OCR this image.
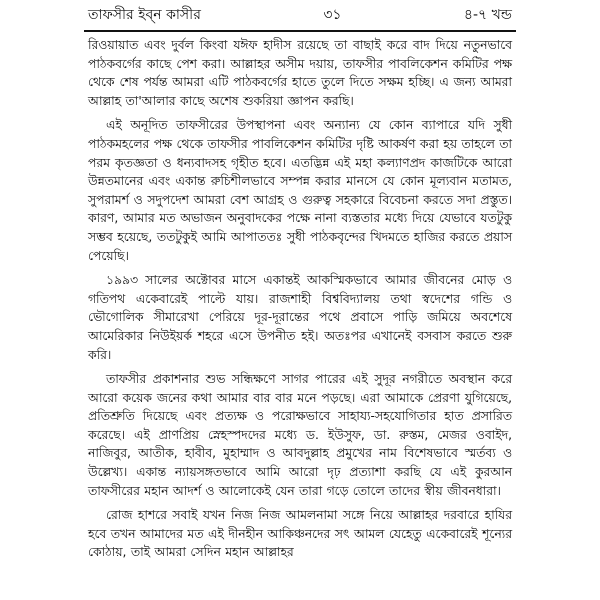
তাফসীর ইব্‌ন কাসীর	৩১	৪-৭ খন্ড

রিওয়ায়াত এবং দুর্বল কিংবা যঈফ হাদীস রয়েছে তা বাছাই করে বাদ দিয়ে নতুনভাবে পাঠকবর্গের কাছে পেশ করা। আল্লাহর অসীম দয়ায়, তাফসীর পাবলিকেশন কমিটির পক্ষ থেকে শেষ পর্যন্ত আমরা এটি পাঠকবর্গের হাতে তুলে দিতে সক্ষম হচ্ছি। এ জন্য আমরা আল্লাহ তা'আলার কাছে অশেষ শুকরিয়া জ্ঞাপন করছি।

এই অনূদিত তাফসীরের উপস্থাপনা এবং অন্যান্য যে কোন ব্যাপারে যদি সুধী পাঠকমহলের পক্ষ থেকে তাফসীর পাবলিকেশন কমিটির দৃষ্টি আকর্ষণ করা হয় তাহলে তা পরম কৃতজ্ঞতা ও ধন্যবাদসহ গৃহীত হবে। এতদ্ভিন্ন এই মহা কল্যাণপ্রদ কাজটিকে আরো উন্নতমানের এবং একান্ত রুচিশীলভাবে সম্পন্ন করার মানসে যে কোন মূল্যবান মতামত, সুপরামর্শ ও সদুপদেশ আমরা বেশ আগ্রহ ও গুরুত্ব সহকারে বিবেচনা করতে সদা প্রস্তুত। কারণ, আমার মত অভাজন অনুবাদকের পক্ষে নানা ব্যস্ততার মধ্যে দিয়ে যেভাবে যতটুকু সম্ভব হয়েছে, ততটুকুই আমি আপাততঃ সুধী পাঠকবৃন্দের খিদমতে হাজির করতে প্রয়াস পেয়েছি।

১৯৯৩ সালের অক্টোবর মাসে একান্তই আকস্মিকভাবে আমার জীবনের মোড় ও গতিপথ একেবারেই পাল্টে যায়। রাজশাহী বিশ্ববিদ্যালয় তথা স্বদেশের গন্ডি ও ভৌগোলিক সীমারেখা পেরিয়ে দূর-দূরান্তের পথে প্রবাসে পাড়ি জমিয়ে অবশেষে আমেরিকার নিউইয়র্ক শহরে এসে উপনীত হই। অতঃপর এখানেই বসবাস করতে শুরু করি।

তাফসীর প্রকাশনার শুভ সন্ধিক্ষণে সাগর পারের এই সুদূর নগরীতে অবস্থান করে আরো কয়েক জনের কথা আমার বার বার মনে পড়ছে। এরা আমাকে প্রেরণা যুগিয়েছে, প্রতিশ্রুতি দিয়েছে এবং প্রত্যক্ষ ও পরোক্ষভাবে সাহায্য-সহযোগিতার হাত প্রসারিত করেছে। এই প্রাণপ্রিয় স্নেহস্পদদের মধ্যে ড. ইউসুফ, ডা. রুস্তম, মেজর ওবাইদ, নাজিবুর, আতীক, হাবীব, মুহাম্মাদ ও আবদুল্লাহ প্রমুখের নাম বিশেষভাবে স্মর্তব্য ও উল্লেখ্য। একান্ত ন্যায়সঙ্গতভাবে আমি আরো দৃঢ় প্রত্যাশা করছি যে এই কুরআন তাফসীরের মহান আদর্শ ও আলোকেই যেন তারা গড়ে তোলে তাদের স্বীয় জীবনধারা।

রোজ হাশরে সবাই যখন নিজ নিজ আমলনামা সঙ্গে নিয়ে আল্লাহর দরবারে হাযির হবে তখন আমাদের মত এই দীনহীন আকিঞ্চনদের সৎ আমল যেহেতু একেবারেই শূন্যের কোঠায়, তাই আমরা সেদিন মহান আল্লাহর
